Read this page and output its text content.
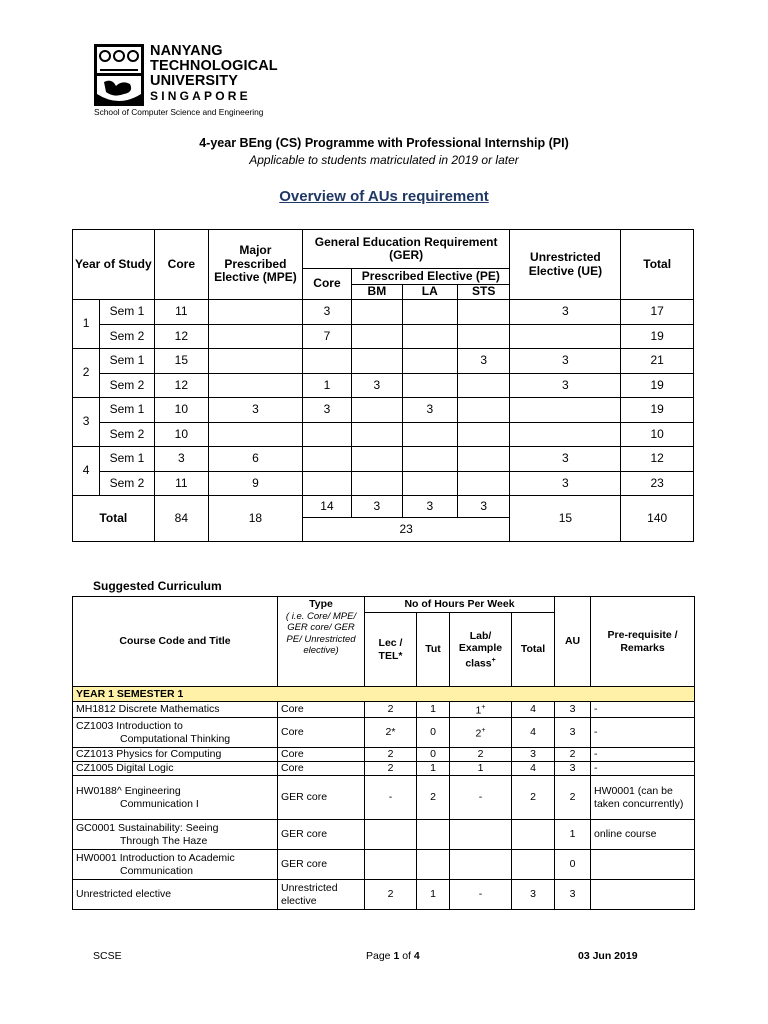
NANYANG
TECHNOLOGICAL
UNIVERSITY
SINGAPORE
School of Computer Science and Engineering
4-year BEng (CS) Programme with Professional Internship (PI)
Applicable to students matriculated in 2019 or later
Overview of AUs requirement
Year of Study		Core	Major Prescribed Elective (MPE)	General Education Requirement (GER)				Unrestricted Elective (UE)	Total
				Core	Prescribed Elective (PE)				
					BM	LA	STS		
1	Sem 1	11		3				3	17
	Sem 2	12		7					19
2	Sem 1	15					3	3	21
	Sem 2	12		1	3			3	19
3	Sem 1	10	3	3		3			19
	Sem 2	10							10
4	Sem 1	3	6					3	12
	Sem 2	11	9					3	23
Total		84	18	14	3	3	3	15	140
				23					
Suggested Curriculum
Course Code and Title	Type
( i.e. Core/ MPE/ GER core/ GER PE/ Unrestricted elective)	No of Hours Per Week				AU	Pre-requisite / Remarks
		Lec / TEL*	Tut	Lab/ Example class+	Total		
YEAR 1 SEMESTER 1							

MH1812 Discrete Mathematics	Core	2	1	1+	4	3	-

CZ1003 Introduction to
Computational Thinking	Core	2*	0	2+	4	3	-

CZ1013 Physics for Computing	Core	2	0	2	3	2	-

CZ1005 Digital Logic	Core	2	1	1	4	3	-

HW0188^ Engineering
Communication I	GER core	-	2	-	2	2	HW0001 (can be taken concurrently)

GC0001 Sustainability: Seeing
Through The Haze	GER core					1	online course

HW0001 Introduction to Academic
Communication	GER core					0	

Unrestricted elective	Unrestricted elective	2	1	-	3	3	
SCSE	Page 1 of 4	03 Jun 2019
